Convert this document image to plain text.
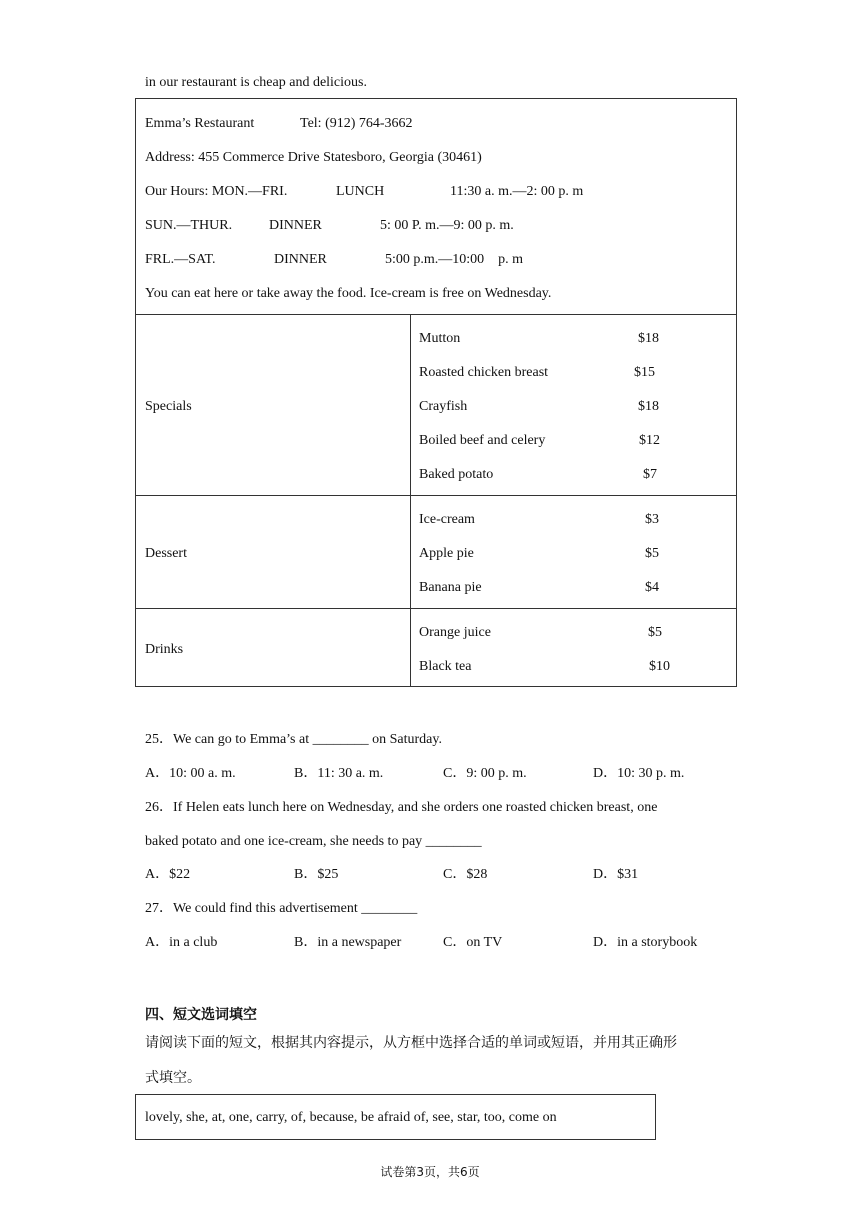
in our restaurant is cheap and delicious.
Emma’s Restaurant	Tel: (912) 764-3662
Address: 455 Commerce Drive Statesboro, Georgia (30461)
Our Hours: MON.—FRI.	LUNCH	11:30 a. m.—2: 00 p. m
SUN.—THUR.	DINNER	5: 00 P. m.—9: 00 p. m.
FRL.—SAT.	DINNER	5:00 p.m.—10:00    p. m
You can eat here or take away the food. Ice-cream is free on Wednesday.
Specials
Mutton	$18
Roasted chicken breast	$15
Crayfish	$18
Boiled beef and celery	$12
Baked potato	$7
Dessert
Ice-cream	$3
Apple pie	$5
Banana pie	$4
Drinks
Orange juice	$5
Black tea	$10
25．We can go to Emma’s at ________ on Saturday.
A．10: 00 a. m.	B．11: 30 a. m.	C．9: 00 p. m.	D．10: 30 p. m.
26．If Helen eats lunch here on Wednesday, and she orders one roasted chicken breast, one
baked potato and one ice-cream, she needs to pay ________
A．$22	B．$25	C．$28	D．$31
27．We could find this advertisement ________
A．in a club	B．in a newspaper	C．on TV	D．in a storybook
四、短文选词填空
请阅读下面的短文，根据其内容提示，从方框中选择合适的单词或短语，并用其正确形
式填空。
lovely, she, at, one, carry, of, because, be afraid of, see, star, too, come on
试卷第3页，共6页
